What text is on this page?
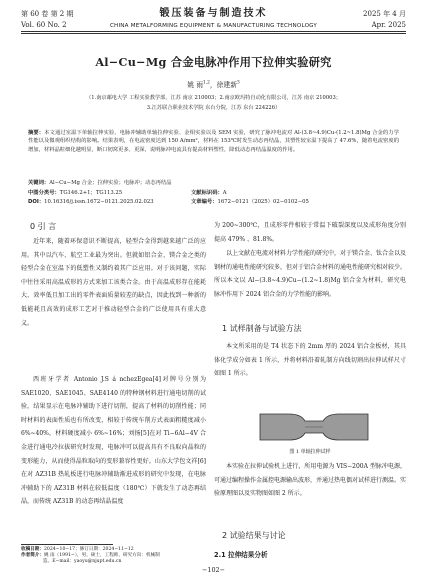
第 60 卷 第 2 期	锻压装备与制造技术	2025 年 4 月
Vol. 60 No. 2	CHINA METALFORMING EQUIPMENT & MANUFACTURING TECHNOLOGY	Apr. 2025
Al−Cu−Mg 合金电脉冲作用下拉伸实验研究
姚 雨$^{1,2}$，徐建新$^3$
（1.南京邮电大学 工程实验教学部，江苏 南京 210003；2.南京欧玛特自动化有限公司，江苏 南京 210003；
3.江苏联合职业技术学院 东台分院，江苏 东台 224226）
摘要：本文通过室温下单轴拉伸实验、电脉冲辅助单轴拉伸实验、金相实验以及 SEM 实验，研究了脉冲电流对 Al-(3.8~4.9)Cu-(1.2~1.8)Mg 合金的力学性能以及微观组织结构的影响。结果表明，在电流密度达到 150 A/mm²，材料在 153℃时发生动态再结晶，其塑性较室温下提高了 47.6%，随着电流密度的增加，材料晶粒细化越明显，断口韧窝更多、更深，说明脉冲电流具有提高材料塑性，降低动态再结晶温度的作用。
关键词：Al−Cu−Mg 合金；拉伸实验；电脉冲；动态再结晶
中图分类号：TG146.2+1；TG113.25	文献标识码：A
DOI：10.16316/j.issn.1672−0121.2025.02.023	文章编号：1672−0121（2025）02−0102−05
0 引 言
近年来，随着环保意识不断提高，轻型合金得到越来越广泛的应用。其中以汽车、航空工业最为突出。但就如铝合金、镁合金之类的轻型合金在室温下的低塑性又制约着其广泛应用。对于该问题，实际中往往采用高温成形的方式来加工该类合金。由于高温成形存在能耗大、效率低且加工出的零件表面质量较差的缺点，因此找到一种新的低能耗且高效的成形工艺对于推动轻型合金的广泛使用具有重大意义。
西班牙学者 Antonio J.S á nchezEgea[4]对牌号分别为 SAE1020、SAE1045、SAE4140 的特种钢材料进行通电切削的试验，结果显示在电脉冲辅助下进行切削，提高了材料的切削性能；同时材料的表面性质也有所改变，相较于传统车削方式表面粗糙度减小 6%~40%，材料硬度减小 6%~16%；刘扬[5]在对 Ti−6Al−4V 合金进行通电冷拉拔研究时发现，电脉冲可以提高具有不良取向晶粒的变形能力，从而使得晶粒取向的变形兼容性更好。山东大学包文祥[6]在对 AZ31B 热轧板进行电脉冲辅助渐进成形的研究中发现，在电脉冲辅助下的 AZ31B 材料在较低温度（180℃）下就发生了动态再结晶，而传统 AZ31B 的动态再结晶温度
为 200~300℃，且成形零件相较于常温下破裂深度以及成形角度分别提高 479% 、81.8%。
以上文献在电流对材料力学性能的研究中，对于镁合金、钛合金以及钢材的通电性能研究较多，但对于铝合金材料的通电性能研究相对较少。所以本文以 Al−(3.8~4.9)Cu−(1.2~1.8)Mg 铝合金为材料，研究电脉冲作用下 2024 铝合金的力学性能的影响。
1 试样制备与试验方法
本文所采用的是 T4 状态下的 2mm 厚的 2024 铝合金板材，其具体化学成分如表 1 所示，并将材料沿着轧制方向线切割出拉伸试样尺寸如图 1 所示。
图 1 单轴拉伸试样
本实验在拉伸试验机上进行，所用电源为 VIS−200A 型脉冲电源，可通过编程操作金属控电源输出波形，并通过热电偶对试样进行测温。实验原理图以及实物图如图 2 所示。
2 试验结果与讨论
2.1 拉伸结果分析
收稿日期：2024−10−17；修订日期：2024−11−12
作者简介：姚 雨（1991−），男，硕士，工程师，研究方向：机械制
造。E−mail：yaoyu@njupt.edu.cn
−102−
